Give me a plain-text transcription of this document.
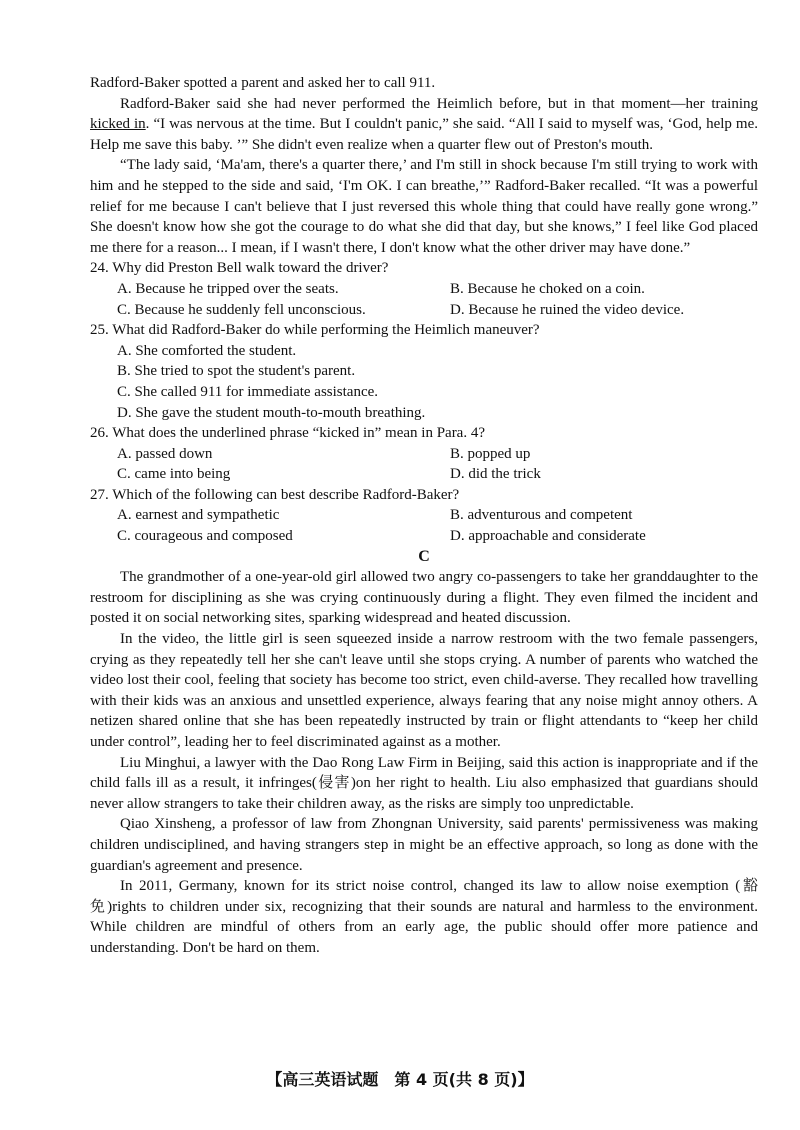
Radford-Baker spotted a parent and asked her to call 911.

Radford-Baker said she had never performed the Heimlich before, but in that moment—her training kicked in. “I was nervous at the time. But I couldn't panic,” she said. “All I said to myself was, ‘God, help me. Help me save this baby. ’” She didn't even realize when a quarter flew out of Preston's mouth.

“The lady said, ‘Ma'am, there's a quarter there,’ and I'm still in shock because I'm still trying to work with him and he stepped to the side and said, ‘I'm OK. I can breathe,’” Radford-Baker recalled. “It was a powerful relief for me because I can't believe that I just reversed this whole thing that could have really gone wrong.” She doesn't know how she got the courage to do what she did that day, but she knows,” I feel like God placed me there for a reason... I mean, if I wasn't there, I don't know what the other driver may have done.”

24. Why did Preston Bell walk toward the driver?

A. Because he tripped over the seats.	B. Because he choked on a coin.
C. Because he suddenly fell unconscious.	D. Because he ruined the video device.

25. What did Radford-Baker do while performing the Heimlich maneuver?

A. She comforted the student.
B. She tried to spot the student's parent.
C. She called 911 for immediate assistance.
D. She gave the student mouth-to-mouth breathing.

26. What does the underlined phrase “kicked in” mean in Para. 4?

A. passed down	B. popped up
C. came into being	D. did the trick

27. Which of the following can best describe Radford-Baker?

A. earnest and sympathetic	B. adventurous and competent
C. courageous and composed	D. approachable and considerate
C

The grandmother of a one-year-old girl allowed two angry co-passengers to take her granddaughter to the restroom for disciplining as she was crying continuously during a flight. They even filmed the incident and posted it on social networking sites, sparking widespread and heated discussion.

In the video, the little girl is seen squeezed inside a narrow restroom with the two female passengers, crying as they repeatedly tell her she can't leave until she stops crying. A number of parents who watched the video lost their cool, feeling that society has become too strict, even child-averse. They recalled how travelling with their kids was an anxious and unsettled experience, always fearing that any noise might annoy others. A netizen shared online that she has been repeatedly instructed by train or flight attendants to “keep her child under control”, leading her to feel discriminated against as a mother.

Liu Minghui, a lawyer with the Dao Rong Law Firm in Beijing, said this action is inappropriate and if the child falls ill as a result, it infringes(侵害)on her right to health. Liu also emphasized that guardians should never allow strangers to take their children away, as the risks are simply too unpredictable.

Qiao Xinsheng, a professor of law from Zhongnan University, said parents' permissiveness was making children undisciplined, and having strangers step in might be an effective approach, so long as done with the guardian's agreement and presence.

In 2011, Germany, known for its strict noise control, changed its law to allow noise exemption (豁免)rights to children under six, recognizing that their sounds are natural and harmless to the environment. While children are mindful of others from an early age, the public should offer more patience and understanding. Don't be hard on them.

【高三英语试题　第 4 页(共 8 页)】
